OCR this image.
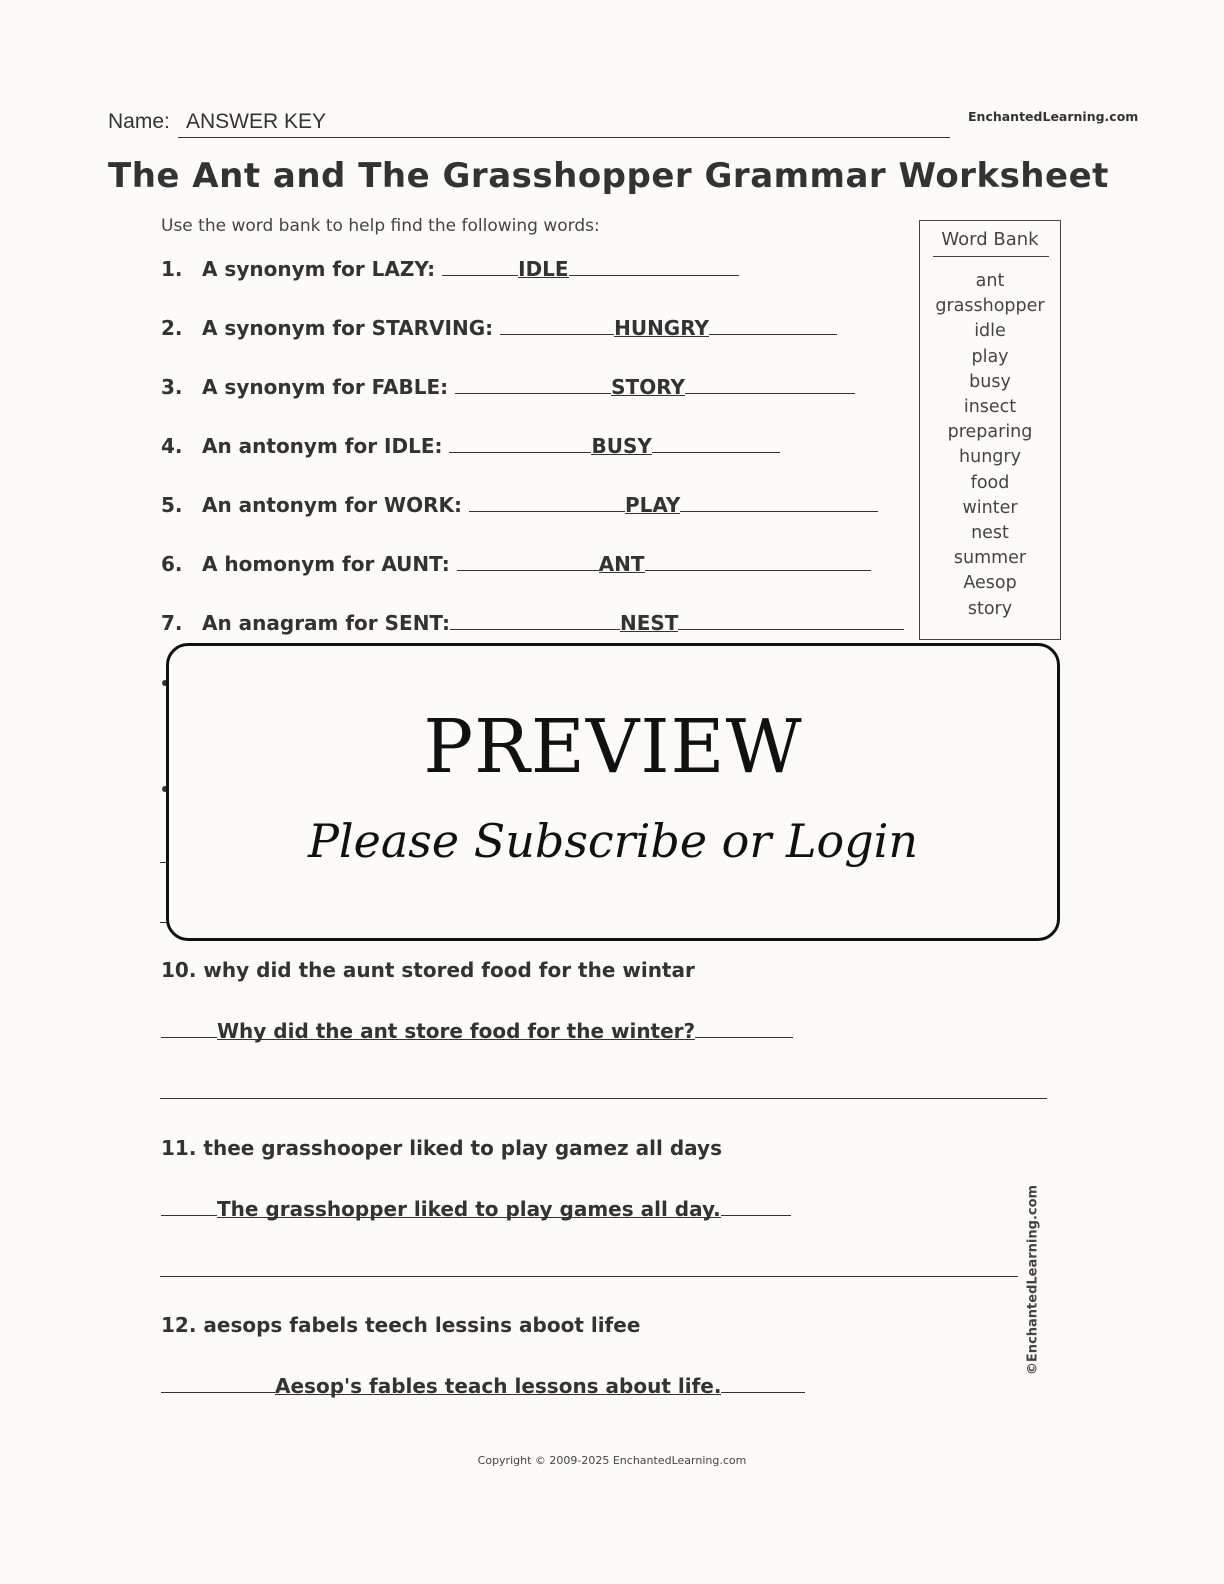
Name: ANSWER KEY	EnchantedLearning.com
The Ant and The Grasshopper Grammar Worksheet
Use the word bank to help find the following words:
1. A synonym for LAZY:	IDLE
2. A synonym for STARVING:	HUNGRY
3. A synonym for FABLE:	STORY
4. An antonym for IDLE:	BUSY
5. An antonym for WORK:	PLAY
6. A homonym for AUNT:	ANT
7. An anagram for SENT:	NEST
Word Bank
ant
grasshopper
idle
play
busy
insect
preparing
hungry
food
winter
nest
summer
Aesop
story
PREVIEW
Please Subscribe or Login
10. why did the aunt stored food for the wintar
Why did the ant store food for the winter?
11. thee grasshooper liked to play gamez all days
The grasshopper liked to play games all day.
12. aesops fabels teech lessins aboot lifee
Aesop's fables teach lessons about life.
©EnchantedLearning.com
Copyright © 2009-2025 EnchantedLearning.com
